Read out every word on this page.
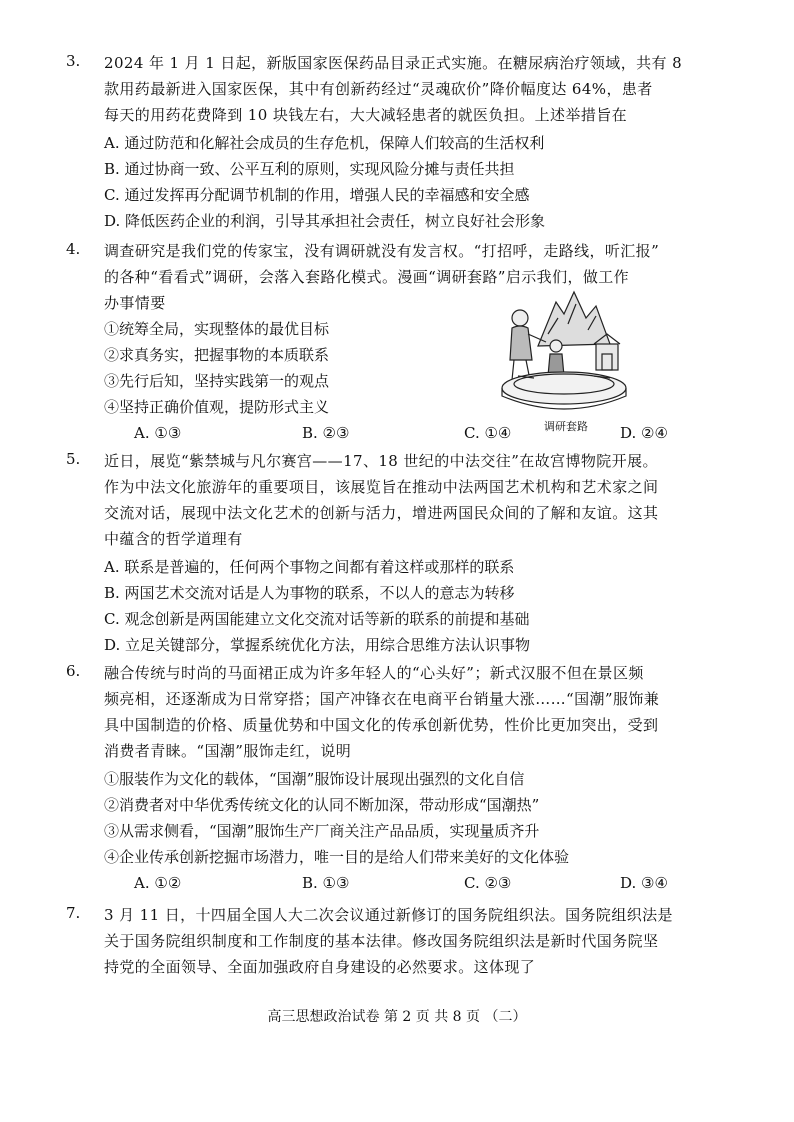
3. 2024 年 1 月 1 日起，新版国家医保药品目录正式实施。在糖尿病治疗领域，共有 8
款用药最新进入国家医保，其中有创新药经过“灵魂砍价”降价幅度达 64%，患者
每天的用药花费降到 10 块钱左右，大大减轻患者的就医负担。上述举措旨在
A. 通过防范和化解社会成员的生存危机，保障人们较高的生活权利
B. 通过协商一致、公平互利的原则，实现风险分摊与责任共担
C. 通过发挥再分配调节机制的作用，增强人民的幸福感和安全感
D. 降低医药企业的利润，引导其承担社会责任，树立良好社会形象
4. 调查研究是我们党的传家宝，没有调研就没有发言权。“打招呼，走路线，听汇报”
的各种“看看式”调研，会落入套路化模式。漫画“调研套路”启示我们，做工作
办事情要
①统筹全局，实现整体的最优目标
②求真务实，把握事物的本质联系
③先行后知，坚持实践第一的观点
④坚持正确价值观，提防形式主义
A. ①③	B. ②③	C. ①④	D. ②④
调研套路
5. 近日，展览“紫禁城与凡尔赛宫——17、18 世纪的中法交往”在故宫博物院开展。
作为中法文化旅游年的重要项目，该展览旨在推动中法两国艺术机构和艺术家之间
交流对话，展现中法文化艺术的创新与活力，增进两国民众间的了解和友谊。这其
中蕴含的哲学道理有
A. 联系是普遍的，任何两个事物之间都有着这样或那样的联系
B. 两国艺术交流对话是人为事物的联系，不以人的意志为转移
C. 观念创新是两国能建立文化交流对话等新的联系的前提和基础
D. 立足关键部分，掌握系统优化方法，用综合思维方法认识事物
6. 融合传统与时尚的马面裙正成为许多年轻人的“心头好”；新式汉服不但在景区频
频亮相，还逐渐成为日常穿搭；国产冲锋衣在电商平台销量大涨……“国潮”服饰兼
具中国制造的价格、质量优势和中国文化的传承创新优势，性价比更加突出，受到
消费者青睐。“国潮”服饰走红，说明
①服装作为文化的载体，“国潮”服饰设计展现出强烈的文化自信
②消费者对中华优秀传统文化的认同不断加深，带动形成“国潮热”
③从需求侧看，“国潮”服饰生产厂商关注产品品质，实现量质齐升
④企业传承创新挖掘市场潜力，唯一目的是给人们带来美好的文化体验
A. ①②	B. ①③	C. ②③	D. ③④
7. 3 月 11 日，十四届全国人大二次会议通过新修订的国务院组织法。国务院组织法是
关于国务院组织制度和工作制度的基本法律。修改国务院组织法是新时代国务院坚
持党的全面领导、全面加强政府自身建设的必然要求。这体现了
高三思想政治试卷 第 2 页 共 8 页 （二）
